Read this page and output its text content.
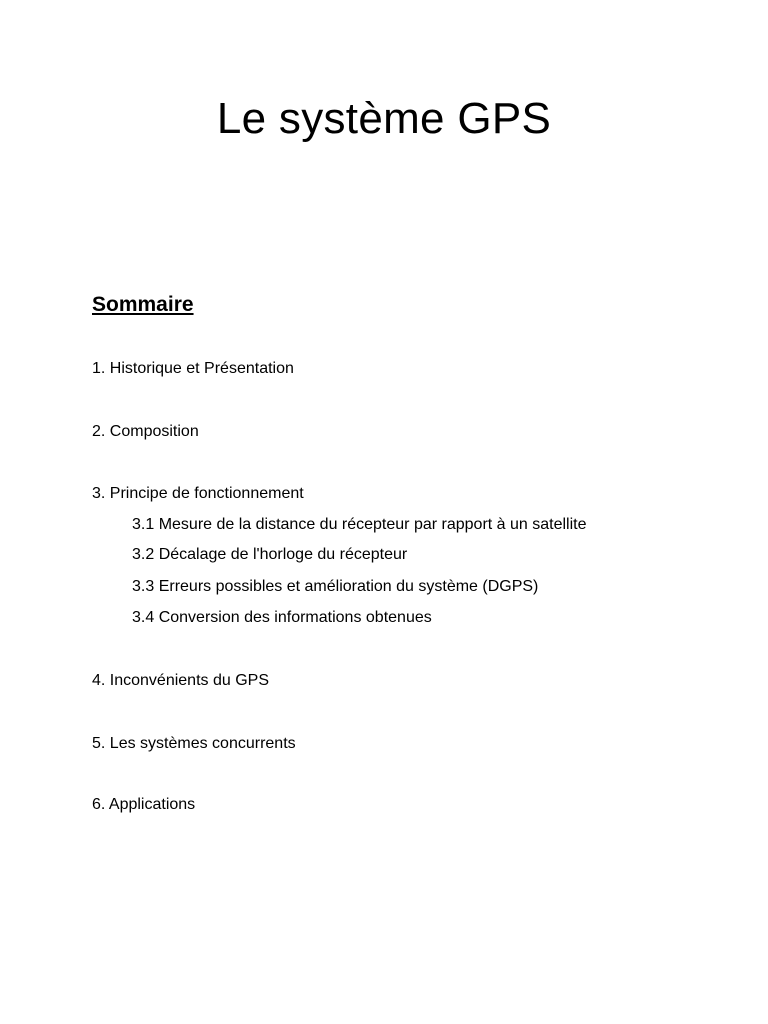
Le système GPS
Sommaire
1. Historique et Présentation
2. Composition
3. Principe de fonctionnement
3.1 Mesure de la distance du récepteur par rapport à un satellite
3.2 Décalage de l'horloge du récepteur
3.3 Erreurs possibles et amélioration du système (DGPS)
3.4 Conversion des informations obtenues
4. Inconvénients du GPS
5. Les systèmes concurrents
6. Applications
